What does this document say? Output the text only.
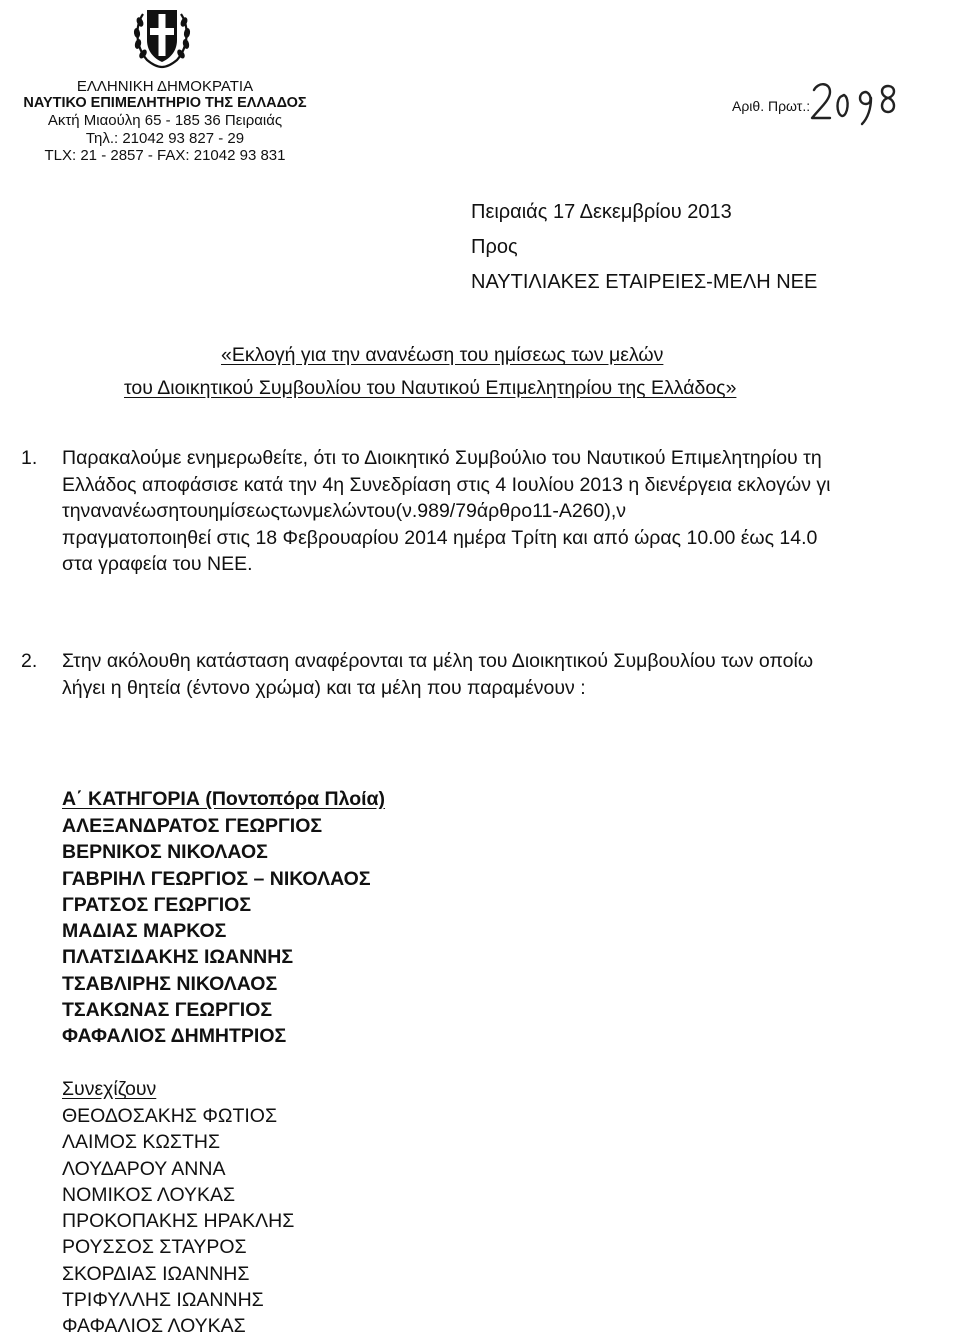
ΕΛΛΗΝΙΚΗ ΔΗΜΟΚΡΑΤΙΑ
ΝΑΥΤΙΚΟ ΕΠΙΜΕΛΗΤΗΡΙΟ ΤΗΣ ΕΛΛΑΔΟΣ
Ακτή Μιαούλη 65 - 185 36 Πειραιάς
Τηλ.: 21042 93 827 - 29
TLX: 21 - 2857 - FAX: 21042 93 831
Αριθ. Πρωτ.:
Πειραιάς 17 Δεκεμβρίου 2013
Προς
ΝΑΥΤΙΛΙΑΚΕΣ ΕΤΑΙΡΕΙΕΣ-ΜΕΛΗ ΝΕΕ
«Εκλογή για την ανανέωση του ημίσεως των μελών
του Διοικητικού Συμβουλίου του Ναυτικού Επιμελητηρίου της Ελλάδος»
1. Παρακαλούμε ενημερωθείτε, ότι το Διοικητικό Συμβούλιο του Ναυτικού Επιμελητηρίου τη
Ελλάδος αποφάσισε κατά την 4η Συνεδρίαση στις 4 Ιουλίου 2013 η διενέργεια εκλογών γι
τηνανανέωσητουημίσεωςτωνμελώντου(ν.989/79άρθρο11-Α260),ν
πραγματοποιηθεί στις 18 Φεβρουαρίου 2014 ημέρα Τρίτη και από ώρας 10.00 έως 14.0
στα γραφεία του ΝΕΕ.
2. Στην ακόλουθη κατάσταση αναφέρονται τα μέλη του Διοικητικού Συμβουλίου των οποίω
λήγει η θητεία (έντονο χρώμα) και τα μέλη που παραμένουν :
Α΄ ΚΑΤΗΓΟΡΙΑ (Ποντοπόρα Πλοία)
ΑΛΕΞΑΝΔΡΑΤΟΣ ΓΕΩΡΓΙΟΣ
ΒΕΡΝΙΚΟΣ ΝΙΚΟΛΑΟΣ
ΓΑΒΡΙΗΛ ΓΕΩΡΓΙΟΣ – ΝΙΚΟΛΑΟΣ
ΓΡΑΤΣΟΣ ΓΕΩΡΓΙΟΣ
ΜΑΔΙΑΣ ΜΑΡΚΟΣ
ΠΛΑΤΣΙΔΑΚΗΣ ΙΩΑΝΝΗΣ
ΤΣΑΒΛΙΡΗΣ ΝΙΚΟΛΑΟΣ
ΤΣΑΚΩΝΑΣ ΓΕΩΡΓΙΟΣ
ΦΑΦΑΛΙΟΣ ΔΗΜΗΤΡΙΟΣ
Συνεχίζουν
ΘΕΟΔΟΣΑΚΗΣ ΦΩΤΙΟΣ
ΛΑΙΜΟΣ ΚΩΣΤΗΣ
ΛΟΥΔΑΡΟΥ ΑΝΝΑ
ΝΟΜΙΚΟΣ ΛΟΥΚΑΣ
ΠΡΟΚΟΠΑΚΗΣ ΗΡΑΚΛΗΣ
ΡΟΥΣΣΟΣ ΣΤΑΥΡΟΣ
ΣΚΟΡΔΙΑΣ ΙΩΑΝΝΗΣ
ΤΡΙΦΥΛΛΗΣ ΙΩΑΝΝΗΣ
ΦΑΦΑΛΙΟΣ ΛΟΥΚΑΣ
